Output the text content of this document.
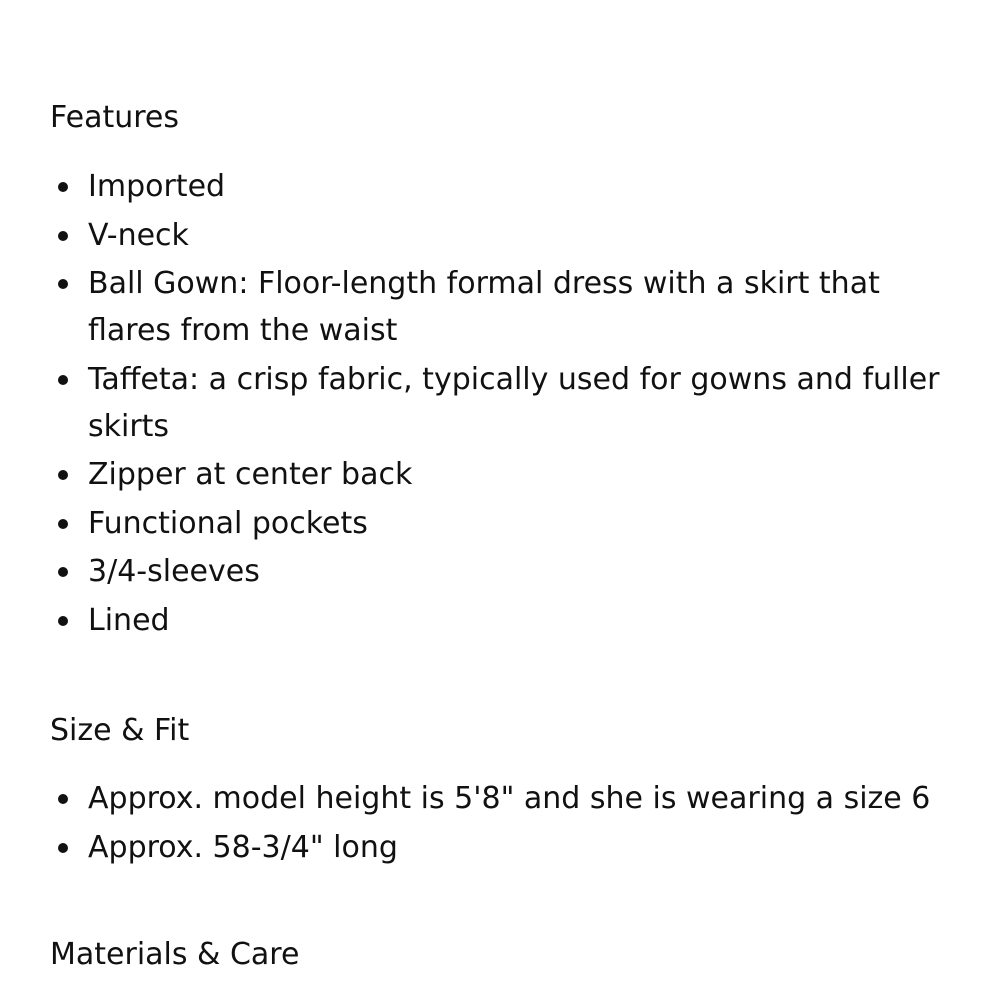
Features
Imported
V-neck
Ball Gown: Floor-length formal dress with a skirt that flares from the waist
Taffeta: a crisp fabric, typically used for gowns and fuller skirts
Zipper at center back
Functional pockets
3/4-sleeves
Lined
Size & Fit
Approx. model height is 5'8" and she is wearing a size 6
Approx. 58-3/4" long
Materials & Care
